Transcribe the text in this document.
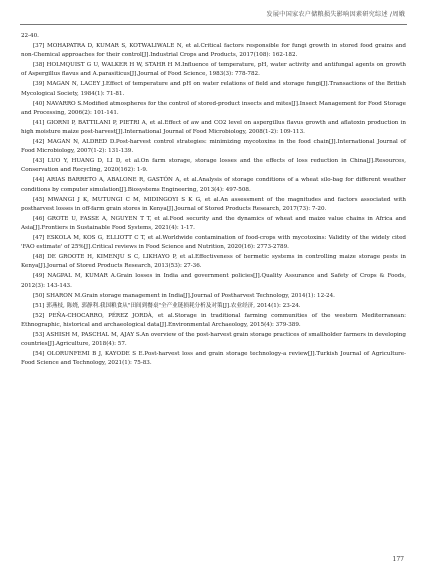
发展中国家农户储粮损失影响因素研究综述 /周娥

22-40.

[37] MOHAPATRA D, KUMAR S, KOTWALIWALE N, et al.Critical factors responsible for fungi growth in stored food grains and non-Chemical approaches for their control[J].Industrial Crops and Products, 2017(108): 162-182.

[38] HOLMQUIST G U, WALKER H W, STAHR H M.Influence of temperature, pH, water activity and antifungal agents on growth of Aspergillus flavus and A.parasiticus[J].Journal of Food Science, 1983(3): 778-782.

[39] MAGAN N, LACEY J.Effect of temperature and pH on water relations of field and storage fungi[J].Transactions of the British Mycological Society, 1984(1): 71-81.

[40] NAVARRO S.Modified atmospheres for the control of stored-product insects and mites[J].Insect Management for Food Storage and Processing, 2006(2): 101-141.

[41] GIORNI P, BATTILANI P, PIETRI A, et al.Effect of aw and CO2 level on aspergillus flavus growth and aflatoxin production in high moisture maize post-harvest[J].International Journal of Food Microbiology, 2008(1-2): 109-113.

[42] MAGAN N, ALDRED D.Post-harvest control strategies: minimizing mycotoxins in the food chain[J].International Journal of Food Microbiology, 2007(1-2): 131-139.

[43] LUO Y, HUANG D, LI D, et al.On farm storage, storage losses and the effects of loss reduction in China[J].Resources, Conservation and Recycling, 2020(162): 1-9.

[44] ARIAS BARRETO A, ABALONE R, GASTÓN A, et al.Analysis of storage conditions of a wheat silo-bag for different weather conditions by computer simulation[J].Biosystems Engineering, 2013(4): 497-508.

[45] MWANGI J K, MUTUNGI C M, MIDINGOYI S K G, et al.An assessment of the magnitudes and factors associated with postharvest losses in off-farm grain stores in Kenya[J].Journal of Stored Products Research, 2017(73): 7-20.

[46] GROTE U, FASSE A, NGUYEN T T, et al.Food security and the dynamics of wheat and maize value chains in Africa and Asia[J].Frontiers in Sustainable Food Systems, 2021(4): 1-17.

[47] ESKOLA M, KOS G, ELLIOTT C T, et al.Worldwide contamination of food-crops with mycotoxins: Validity of the widely cited 'FAO estimate' of 25%[J].Critical reviews in Food Science and Nutrition, 2020(16): 2773-2789.

[48] DE GROOTE H, KIMENJU S C, LIKHAYO P, et al.Effectiveness of hermetic systems in controlling maize storage pests in Kenya[J].Journal of Stored Products Research, 2013(53): 27-36.

[49] NAGPAL M, KUMAR A.Grain losses in India and government policies[J].Quality Assurance and Safety of Crops & Foods, 2012(3): 143-143.

[50] SHARON M.Grain storage management in India[J].Journal of Postharvest Technology, 2014(1): 12-24.

[51] 郭燕枝, 陈娆, 郭静利.我国粮食从"田间到餐桌"全产业链损耗分析及对策[J].农业经济, 2014(1): 23-24.

[52] PEÑA-CHOCARRO, PÉREZ JORDÀ, et al.Storage in traditional farming communities of the western Mediterranean: Ethnographic, historical and archaeological data[J].Environmental Archaeology, 2015(4): 379-389.

[53] ASHISH M, PASCHAL M, AJAY S.An overview of the post-harvest grain storage practices of smallholder farmers in developing countries[J].Agriculture, 2018(4): 57.

[54] OLORUNFEMI B J, KAYODE S E.Post-harvest loss and grain storage technology-a review[J].Turkish Journal of Agriculture-Food Science and Technology, 2021(1): 75-83.

177
